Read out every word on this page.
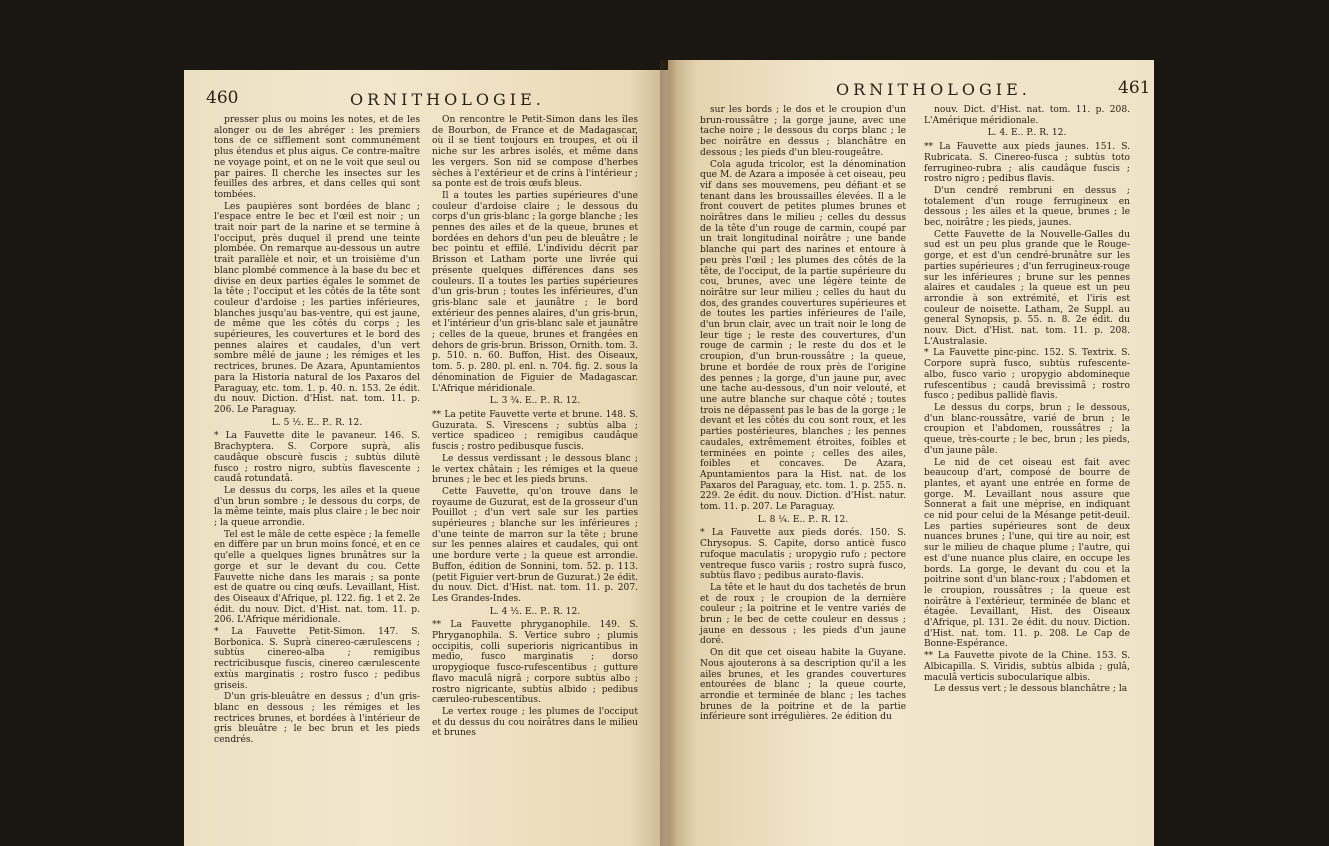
460	ORNITHOLOGIE.

presser plus ou moins les notes, et de les alonger ou de les abréger : les premiers tons de ce sifflement sont communément plus étendus et plus aigus. Ce contre-maître ne voyage point, et on ne le voit que seul ou par paires. Il cherche les insectes sur les feuilles des arbres, et dans celles qui sont tombées.

Les paupières sont bordées de blanc ; l'espace entre le bec et l'œil est noir ; un trait noir part de la narine et se termine à l'occiput, près duquel il prend une teinte plombée. On remarque au-dessous un autre trait parallèle et noir, et un troisième d'un blanc plombé commence à la base du bec et divise en deux parties égales le sommet de la tête ; l'occiput et les côtés de la tête sont couleur d'ardoise ; les parties inférieures, blanches jusqu'au bas-ventre, qui est jaune, de même que les côtés du corps ; les supérieures, les couvertures et le bord des pennes alaires et caudales, d'un vert sombre mêlé de jaune ; les rémiges et les rectrices, brunes. De Azara, Apuntamientos para la Historia natural de los Paxaros del Paraguay, etc. tom. 1. p. 40. n. 153. 2e édit. du nouv. Diction. d'Hist. nat. tom. 11. p. 206. Le Paraguay.

L. 5 ½. E.. P.. R. 12.

* La Fauvette dite le pavaneur. 146. S. Brachyptera. S. Corpore suprà, alis caudâque obscurè fuscis ; subtùs dilutè fusco ; rostro nigro, subtùs flavescente ; caudâ rotundatâ.

Le dessus du corps, les ailes et la queue d'un brun sombre ; le dessous du corps, de la même teinte, mais plus claire ; le bec noir ; la queue arrondie.

Tel est le mâle de cette espèce ; la femelle en diffère par un brun moins foncé, et en ce qu'elle a quelques lignes brunâtres sur la gorge et sur le devant du cou. Cette Fauvette niche dans les marais ; sa ponte est de quatre ou cinq œufs. Levaillant, Hist. des Oiseaux d'Afrique, pl. 122. fig. 1 et 2. 2e édit. du nouv. Dict. d'Hist. nat. tom. 11. p. 206. L'Afrique méridionale.

* La Fauvette Petit-Simon. 147. S. Borbonica. S. Suprà cinereo-cærulescens ; subtùs cinereo-alba ; remigibus rectricibusque fuscis, cinereo cærulescente extùs marginatis ; rostro fusco ; pedibus griseis.

D'un gris-bleuâtre en dessus ; d'un gris-blanc en dessous ; les rémiges et les rectrices brunes, et bordées à l'intérieur de gris bleuâtre ; le bec brun et les pieds cendrés.

On rencontre le Petit-Simon dans les îles de Bourbon, de France et de Madagascar, où il se tient toujours en troupes, et où il niche sur les arbres isolés, et même dans les vergers. Son nid se compose d'herbes sèches à l'extérieur et de crins à l'intérieur ; sa ponte est de trois œufs bleus.

Il a toutes les parties supérieures d'une couleur d'ardoise claire ; le dessous du corps d'un gris-blanc ; la gorge blanche ; les pennes des ailes et de la queue, brunes et bordées en dehors d'un peu de bleuâtre ; le bec pointu et effilé. L'individu décrit par Brisson et Latham porte une livrée qui présente quelques différences dans ses couleurs. Il a toutes les parties supérieures d'un gris-brun ; toutes les inférieures, d'un gris-blanc sale et jaunâtre ; le bord extérieur des pennes alaires, d'un gris-brun, et l'intérieur d'un gris-blanc sale et jaunâtre ; celles de la queue, brunes et frangées en dehors de gris-brun. Brisson, Ornith. tom. 3. p. 510. n. 60. Buffon, Hist. des Oiseaux, tom. 5. p. 280. pl. enl. n. 704. fig. 2. sous la dénomination de Figuier de Madagascar. L'Afrique méridionale.

L. 3 ¾. E.. P.. R. 12.

** La petite Fauvette verte et brune. 148. S. Guzurata. S. Virescens ; subtùs alba ; vertice spadiceo ; remigibus caudâque fuscis ; rostro pedibusque fuscis.

Le dessus verdissant ; le dessous blanc ; le vertex châtain ; les rémiges et la queue brunes ; le bec et les pieds bruns.

Cette Fauvette, qu'on trouve dans le royaume de Guzurat, est de la grosseur d'un Pouillot ; d'un vert sale sur les parties supérieures ; blanche sur les inférieures ; d'une teinte de marron sur la tête ; brune sur les pennes alaires et caudales, qui ont une bordure verte ; la queue est arrondie. Buffon, édition de Sonnini, tom. 52. p. 113. (petit Figuier vert-brun de Guzurat.) 2e édit. du nouv. Dict. d'Hist. nat. tom. 11. p. 207. Les Grandes-Indes.

L. 4 ½. E.. P.. R. 12.

** La Fauvette phryganophile. 149. S. Phryganophila. S. Vertice subro ; plumis occipitis, colli superioris nigricantibus in medio, fusco marginatis ; dorso uropygioque fusco-rufescentibus ; gutture flavo maculâ nigrâ ; corpore subtùs albo ; rostro nigricante, subtùs albido ; pedibus cæruleo-rubescentibus.

Le vertex rouge ; les plumes de l'occiput et du dessus du cou noirâtres dans le milieu et brunes

ORNITHOLOGIE.	461

sur les bords ; le dos et le croupion d'un brun-roussâtre ; la gorge jaune, avec une tache noire ; le dessous du corps blanc ; le bec noirâtre en dessus ; blanchâtre en dessous ; les pieds d'un bleu-rougeâtre.

Cola aguda tricolor, est la dénomination que M. de Azara a imposée à cet oiseau, peu vif dans ses mouvemens, peu défiant et se tenant dans les broussailles élevées. Il a le front couvert de petites plumes brunes et noirâtres dans le milieu ; celles du dessus de la tête d'un rouge de carmin, coupé par un trait longitudinal noirâtre ; une bande blanche qui part des narines et entoure à peu près l'œil ; les plumes des côtés de la tête, de l'occiput, de la partie supérieure du cou, brunes, avec une légère teinte de noirâtre sur leur milieu ; celles du haut du dos, des grandes couvertures supérieures et de toutes les parties inférieures de l'aile, d'un brun clair, avec un trait noir le long de leur tige ; le reste des couvertures, d'un rouge de carmin ; le reste du dos et le croupion, d'un brun-roussâtre ; la queue, brune et bordée de roux près de l'origine des pennes ; la gorge, d'un jaune pur, avec une tache au-dessous, d'un noir velouté, et une autre blanche sur chaque côté ; toutes trois ne dépassent pas le bas de la gorge ; le devant et les côtés du cou sont roux, et les parties postérieures, blanches ; les pennes caudales, extrêmement étroites, foibles et terminées en pointe ; celles des ailes, foibles et concaves. De Azara, Apuntamientos para la Hist. nat. de los Paxaros del Paraguay, etc. tom. 1. p. 255. n. 229. 2e édit. du nouv. Diction. d'Hist. natur. tom. 11. p. 207. Le Paraguay.

L. 8 ¼. E.. P.. R. 12.

* La Fauvette aux pieds dorés. 150. S. Chrysopus. S. Capite, dorso anticè fusco rufoque maculatis ; uropygio rufo ; pectore ventreque fusco variis ; rostro suprà fusco, subtùs flavo ; pedibus aurato-flavis.

La tête et le haut du dos tachetés de brun et de roux ; le croupion de la dernière couleur ; la poitrine et le ventre variés de brun ; le bec de cette couleur en dessus ; jaune en dessous ; les pieds d'un jaune doré.

On dit que cet oiseau habite la Guyane. Nous ajouterons à sa description qu'il a les ailes brunes, et les grandes couvertures entourées de blanc ; la queue courte, arrondie et terminée de blanc ; les taches brunes de la poitrine et de la partie inférieure sont irrégulières. 2e édition du

nouv. Dict. d'Hist. nat. tom. 11. p. 208. L'Amérique méridionale.

L. 4. E.. P.. R. 12.

** La Fauvette aux pieds jaunes. 151. S. Rubricata. S. Cinereo-fusca ; subtùs toto ferrugineo-rubra ; alis caudâque fuscis ; rostro nigro ; pedibus flavis.

D'un cendré rembruni en dessus ; totalement d'un rouge ferrugineux en dessous ; les ailes et la queue, brunes ; le bec, noirâtre ; les pieds, jaunes.

Cette Fauvette de la Nouvelle-Galles du sud est un peu plus grande que le Rouge-gorge, et est d'un cendré-brunâtre sur les parties supérieures ; d'un ferrugineux-rouge sur les inférieures ; brune sur les pennes alaires et caudales ; la queue est un peu arrondie à son extrémité, et l'iris est couleur de noisette. Latham, 2e Suppl. au general Synopsis, p. 55. n. 8. 2e édit. du nouv. Dict. d'Hist. nat. tom. 11. p. 208. L'Australasie.

* La Fauvette pinc-pinc. 152. S. Textrix. S. Corpore suprà fusco, subtùs rufescente-albo, fusco vario ; uropygio abdomineque rufescentibus ; caudâ brevissimâ ; rostro fusco ; pedibus pallidè flavis.

Le dessus du corps, brun ; le dessous, d'un blanc-roussâtre, varié de brun ; le croupion et l'abdomen, roussâtres ; la queue, très-courte ; le bec, brun ; les pieds, d'un jaune pâle.

Le nid de cet oiseau est fait avec beaucoup d'art, composé de bourre de plantes, et ayant une entrée en forme de gorge. M. Levaillant nous assure que Sonnerat a fait une méprise, en indiquant ce nid pour celui de la Mésange petit-deuil. Les parties supérieures sont de deux nuances brunes ; l'une, qui tire au noir, est sur le milieu de chaque plume ; l'autre, qui est d'une nuance plus claire, en occupe les bords. La gorge, le devant du cou et la poitrine sont d'un blanc-roux ; l'abdomen et le croupion, roussâtres ; la queue est noirâtre à l'extérieur, terminée de blanc et étagée. Levaillant, Hist. des Oiseaux d'Afrique, pl. 131. 2e édit. du nouv. Diction. d'Hist. nat. tom. 11. p. 208. Le Cap de Bonne-Espérance.

** La Fauvette pivote de la Chine. 153. S. Albicapilla. S. Viridis, subtùs albida ; gulâ, maculâ verticis subocularique albis.

Le dessus vert ; le dessous blanchâtre ; la
